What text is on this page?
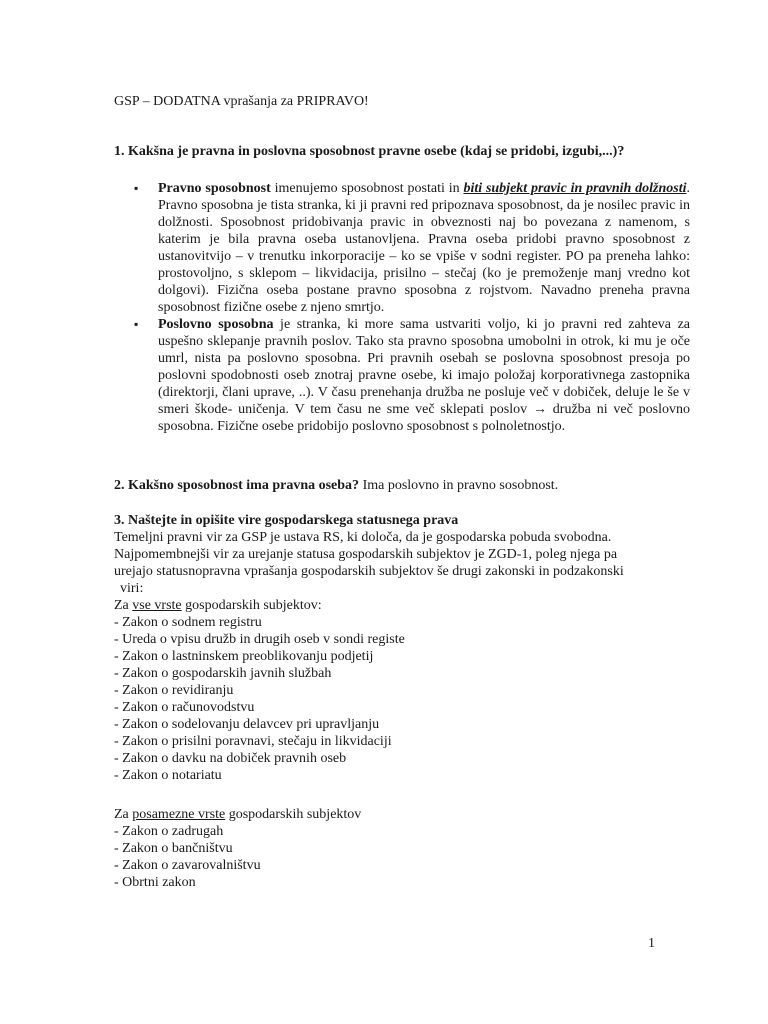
GSP – DODATNA vprašanja za PRIPRAVO!
1. Kakšna je pravna in poslovna sposobnost pravne osebe (kdaj se pridobi, izgubi,...)?
▪ Pravno sposobnost imenujemo sposobnost postati in biti subjekt pravic in pravnih dolžnosti. Pravno sposobna je tista stranka, ki ji pravni red pripoznava sposobnost, da je nosilec pravic in dolžnosti. Sposobnost pridobivanja pravic in obveznosti naj bo povezana z namenom, s katerim je bila pravna oseba ustanovljena. Pravna oseba pridobi pravno sposobnost z ustanovitvijo – v trenutku inkorporacije – ko se vpiše v sodni register. PO pa preneha lahko: prostovoljno, s sklepom – likvidacija, prisilno – stečaj (ko je premoženje manj vredno kot dolgovi). Fizična oseba postane pravno sposobna z rojstvom. Navadno preneha pravna sposobnost fizične osebe z njeno smrtjo.
▪ Poslovno sposobna je stranka, ki more sama ustvariti voljo, ki jo pravni red zahteva za uspešno sklepanje pravnih poslov. Tako sta pravno sposobna umobolni in otrok, ki mu je oče umrl, nista pa poslovno sposobna. Pri pravnih osebah se poslovna sposobnost presoja po poslovni spodobnosti oseb znotraj pravne osebe, ki imajo položaj korporativnega zastopnika (direktorji, člani uprave, ..). V času prenehanja družba ne posluje več v dobiček, deluje le še v smeri škode- uničenja. V tem času ne sme več sklepati poslov → družba ni več poslovno sposobna. Fizične osebe pridobijo poslovno sposobnost s polnoletnostjo.
2. Kakšno sposobnost ima pravna oseba? Ima poslovno in pravno sosobnost.
3. Naštejte in opišite vire gospodarskega statusnega prava
Temeljni pravni vir za GSP je ustava RS, ki določa, da je gospodarska pobuda svobodna.
Najpomembnejši vir za urejanje statusa gospodarskih subjektov je ZGD-1, poleg njega pa
urejajo statusnopravna vprašanja gospodarskih subjektov še drugi zakonski in podzakonski
viri:
Za vse vrste gospodarskih subjektov:
- Zakon o sodnem registru
- Ureda o vpisu družb in drugih oseb v sondi registe
- Zakon o lastninskem preoblikovanju podjetij
- Zakon o gospodarskih javnih službah
- Zakon o revidiranju
- Zakon o računovodstvu
- Zakon o sodelovanju delavcev pri upravljanju
- Zakon o prisilni poravnavi, stečaju in likvidaciji
- Zakon o davku na dobiček pravnih oseb
- Zakon o notariatu
Za posamezne vrste gospodarskih subjektov
- Zakon o zadrugah
- Zakon o bančništvu
- Zakon o zavarovalništvu
- Obrtni zakon
1
